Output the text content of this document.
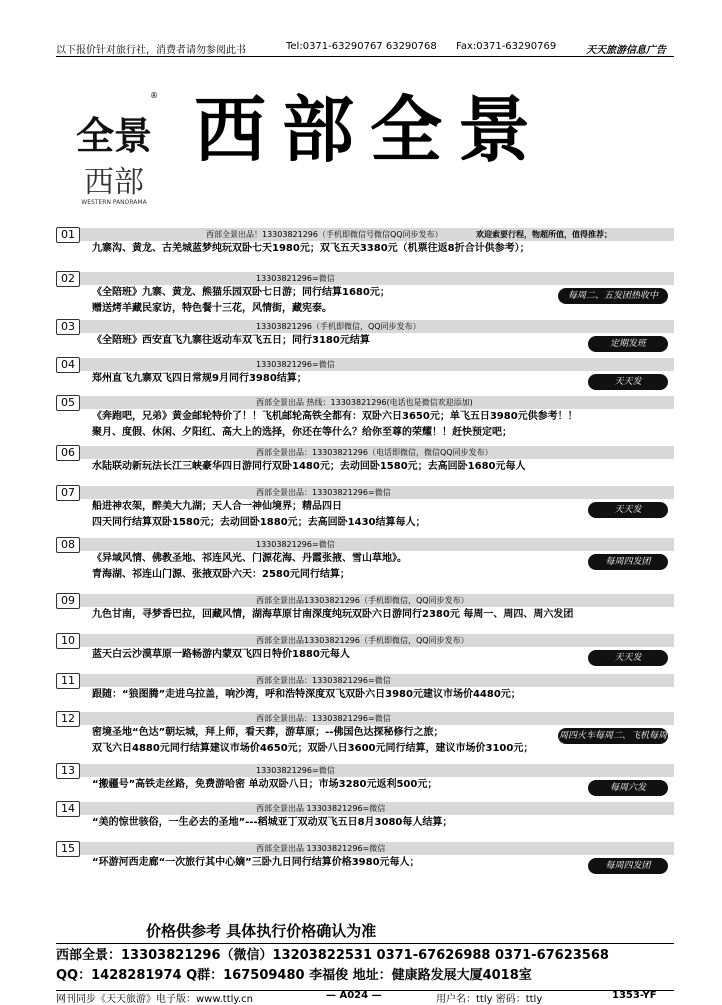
以下报价针对旅行社，消费者请勿参阅此书	Tel:0371-63290767 63290768 Fax:0371-63290769	天天旅游信息广告
全景
西部
WESTERN PANORAMA
® 西部全景
01	西部全景出品！13303821296（手机即微信号微信QQ同步发布）	欢迎索要行程，物超所值，值得推荐；
九寨沟、黄龙、古羌城蓝梦纯玩双卧七天1980元；双飞五天3380元（机票往返8折合计供参考）；
02	13303821296=微信
《全陪班》九寨、黄龙、熊猫乐园双卧七日游；同行结算1680元；
赠送烤羊藏民家访，特色餐十三花，风情街，藏宪泰。
每周二、五发团热收中
03	13303821296（手机即微信，QQ同步发布）
《全陪班》西安直飞九寨往返动车双飞五日；同行3180元结算	定期发班
04	13303821296=微信
郑州直飞九寨双飞四日常规9月同行3980结算；	天天发
05	西部全景出品 热线：13303821296(电话也是微信欢迎添加)
《奔跑吧，兄弟》黄金邮轮特价了！！飞机邮轮高铁全都有：双卧六日3650元；单飞五日3980元供参考！！
聚月、度假、休闲、夕阳红、高大上的选择，你还在等什么？给你至尊的荣耀！！赶快预定吧；
06	西部全景出品：13303821296（电话即微信，微信QQ同步发布）
水陆联动新玩法长江三峡豪华四日游同行双卧1480元；去动回卧1580元；去高回卧1680元每人
07	西部全景出品：13303821296=微信
船进神农架，醉美大九湖；天人合一神仙境界；精品四日
四天同行结算双卧1580元；去动回卧1880元；去高回卧1430结算每人；
天天发
08	13303821296=微信
《异域风情、佛教圣地、祁连风光、门源花海、丹霞张掖、雪山草地》。
青海湖、祁连山门源、张掖双卧六天：2580元同行结算；
每周四发团
09	西部全景出品13303821296（手机即微信，QQ同步发布）
九色甘南，寻梦香巴拉，回藏风情，湖海草原甘南深度纯玩双卧六日游同行2380元 每周一、周四、周六发团
10	西部全景出品13303821296（手机即微信，QQ同步发布）
蓝天白云沙漠草原一路畅游内蒙双飞四日特价1880元每人	天天发
11	西部全景出品：13303821296=微信
跟随：“狼图腾”走进乌拉盖，响沙湾，呼和浩特深度双飞双卧六日3980元建议市场价4480元；
12	西部全景出品：13303821296=微信
密境圣地“色达”朝坛城，拜上师，看天葬，游草原；--佛国色达探秘修行之旅；
双飞六日4880元同行结算建议市场价4650元；双卧八日3600元同行结算，建议市场价3100元；
周四火车每周二、飞机每周三
13	13303821296=微信
“搬疆号”高铁走丝路，免费游哈密 单动双卧八日；市场3280元返利500元；	每周六发
14	西部全景出品 13303821296=微信
“美的惊世骇俗，一生必去的圣地”---稻城亚丁双动双飞五日8月3080每人结算；
15	西部全景出品 13303821296=微信
“环游河西走廊“一次旅行其中心嫡”三卧九日同行结算价格3980元每人；	每周四发团
价格供参考 具体执行价格确认为准
西部全景：13303821296（微信）13203822531 0371-67626988 0371-67623568
QQ：1428281974 Q群：167509480 李福俊 地址：健康路发展大厦4018室
网刊同步《天天旅游》电子版：www.ttly.cn	— A024 —	用户名：ttly 密码：ttly	1353-YF
